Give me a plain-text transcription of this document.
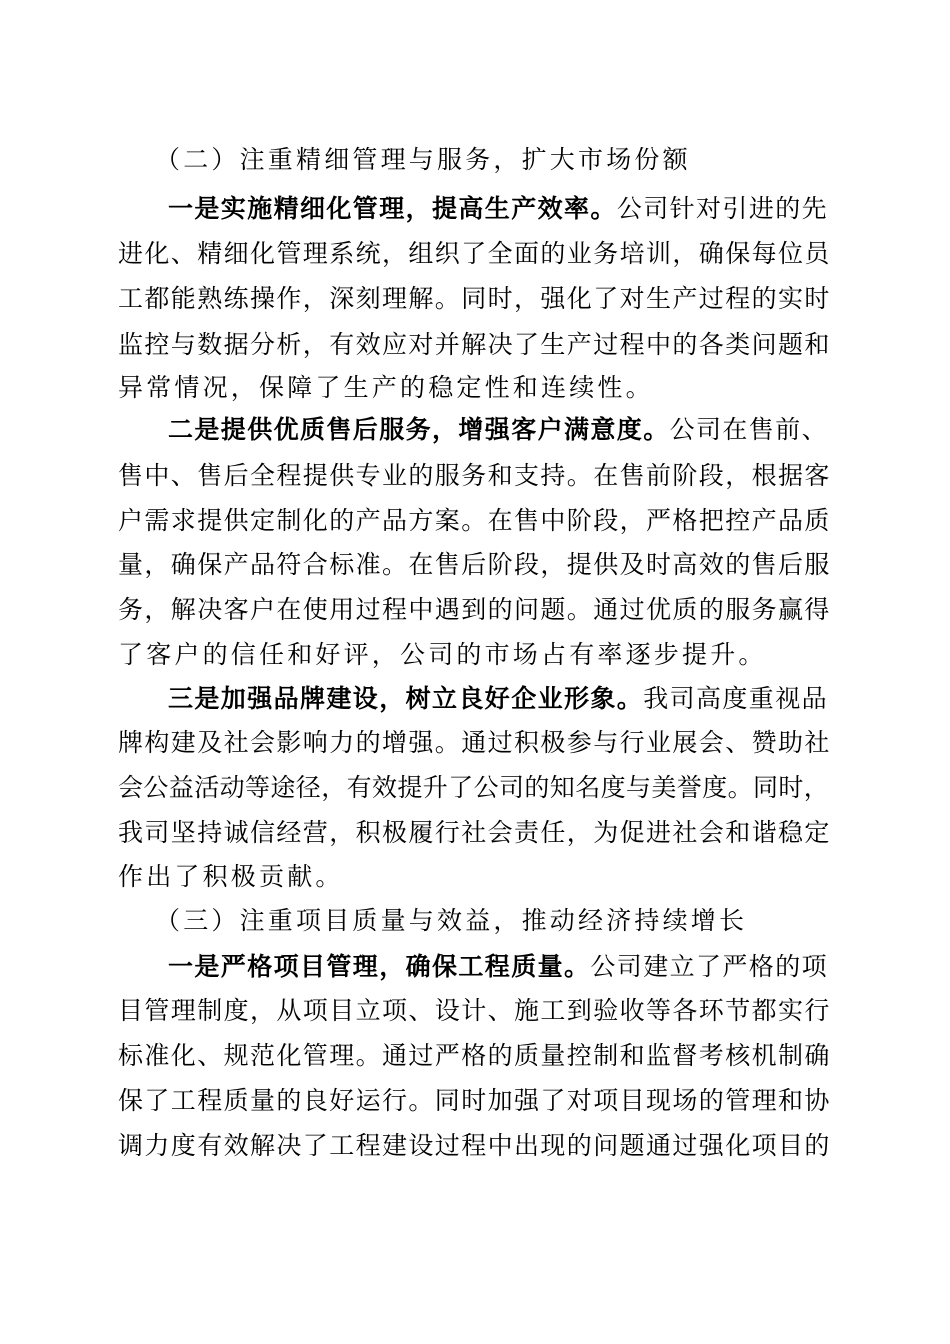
（二）注重精细管理与服务，扩大市场份额
一是实施精细化管理，提高生产效率。公司针对引进的先
进化、精细化管理系统，组织了全面的业务培训，确保每位员
工都能熟练操作，深刻理解。同时，强化了对生产过程的实时
监控与数据分析，有效应对并解决了生产过程中的各类问题和
异常情况，保障了生产的稳定性和连续性。
二是提供优质售后服务，增强客户满意度。公司在售前、
售中、售后全程提供专业的服务和支持。在售前阶段，根据客
户需求提供定制化的产品方案。在售中阶段，严格把控产品质
量，确保产品符合标准。在售后阶段，提供及时高效的售后服
务，解决客户在使用过程中遇到的问题。通过优质的服务赢得
了客户的信任和好评，公司的市场占有率逐步提升。
三是加强品牌建设，树立良好企业形象。我司高度重视品
牌构建及社会影响力的增强。通过积极参与行业展会、赞助社
会公益活动等途径，有效提升了公司的知名度与美誉度。同时，
我司坚持诚信经营，积极履行社会责任，为促进社会和谐稳定
作出了积极贡献。
（三）注重项目质量与效益，推动经济持续增长
一是严格项目管理，确保工程质量。公司建立了严格的项
目管理制度，从项目立项、设计、施工到验收等各环节都实行
标准化、规范化管理。通过严格的质量控制和监督考核机制确
保了工程质量的良好运行。同时加强了对项目现场的管理和协
调力度有效解决了工程建设过程中出现的问题通过强化项目的
